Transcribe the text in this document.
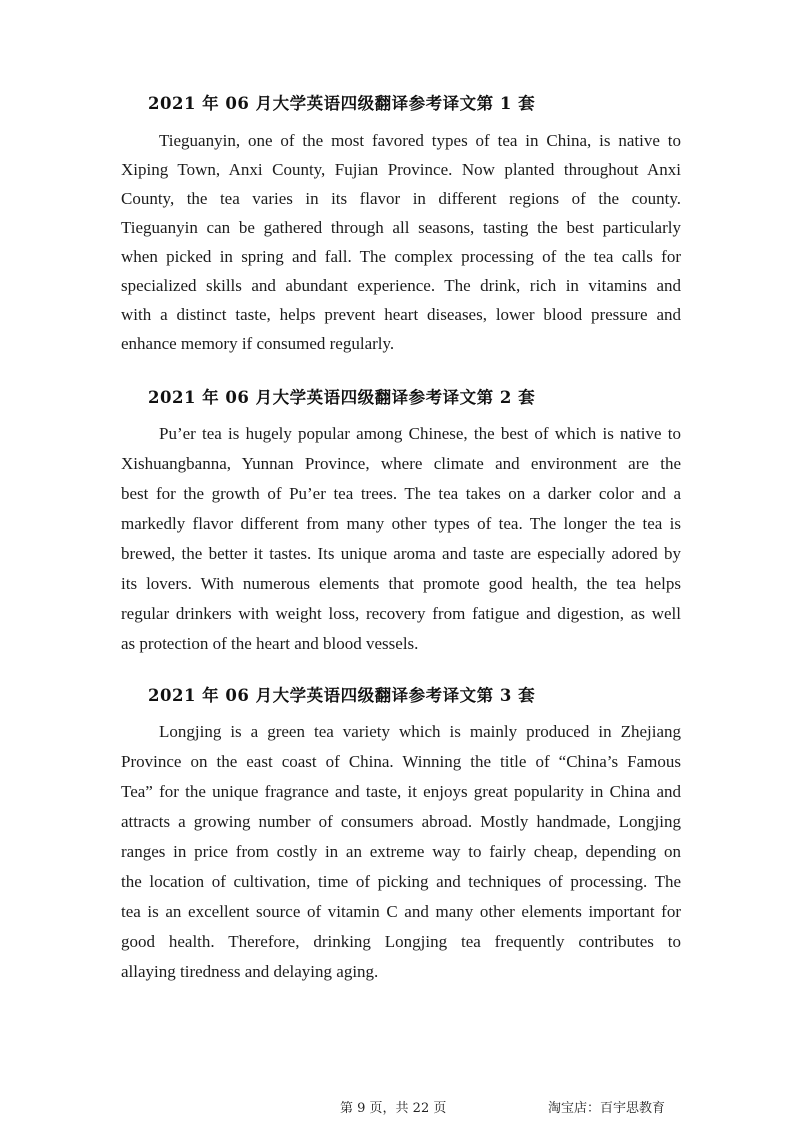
2021 年 06 月大学英语四级翻译参考译文第 1 套
Tieguanyin, one of the most favored types of tea in China, is native to
Xiping Town, Anxi County, Fujian Province. Now planted throughout Anxi
County, the tea varies in its flavor in different regions of the county.
Tieguanyin can be gathered through all seasons, tasting the best particularly
when picked in spring and fall. The complex processing of the tea calls for
specialized skills and abundant experience. The drink, rich in vitamins and
with a distinct taste, helps prevent heart diseases, lower blood pressure and
enhance memory if consumed regularly.
2021 年 06 月大学英语四级翻译参考译文第 2 套
Pu’er tea is hugely popular among Chinese, the best of which is native to
Xishuangbanna, Yunnan Province, where climate and environment are the
best for the growth of Pu’er tea trees. The tea takes on a darker color and a
markedly flavor different from many other types of tea. The longer the tea is
brewed, the better it tastes. Its unique aroma and taste are especially adored by
its lovers. With numerous elements that promote good health, the tea helps
regular drinkers with weight loss, recovery from fatigue and digestion, as well
as protection of the heart and blood vessels.
2021 年 06 月大学英语四级翻译参考译文第 3 套
Longjing is a green tea variety which is mainly produced in Zhejiang
Province on the east coast of China. Winning the title of “China’s Famous
Tea” for the unique fragrance and taste, it enjoys great popularity in China and
attracts a growing number of consumers abroad. Mostly handmade, Longjing
ranges in price from costly in an extreme way to fairly cheap, depending on
the location of cultivation, time of picking and techniques of processing. The
tea is an excellent source of vitamin C and many other elements important for
good health. Therefore, drinking Longjing tea frequently contributes to
allaying tiredness and delaying aging.
第 9 页，共 22 页	淘宝店：百宇思教育
